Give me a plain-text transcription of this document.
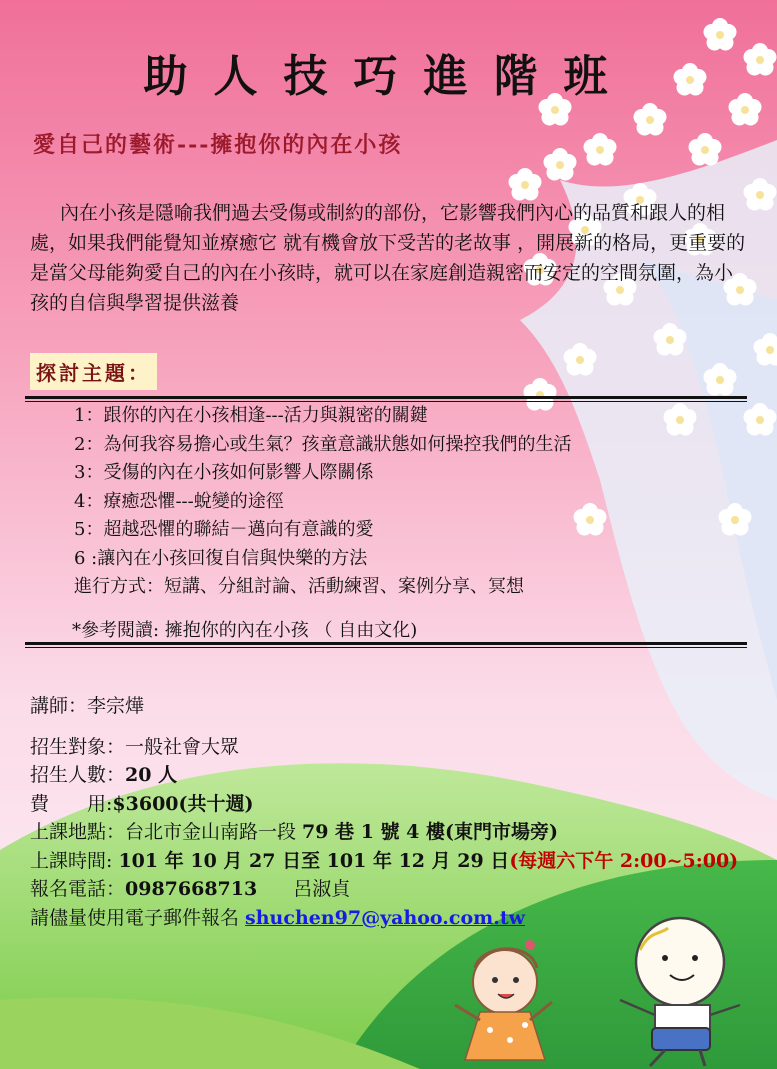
助人技巧進階班
愛自己的藝術---擁抱你的內在小孩
內在小孩是隱喻我們過去受傷或制約的部份，它影響我們內心的品質和跟人的相處，如果我們能覺知並療癒它 就有機會放下受苦的老故事 ，開展新的格局，更重要的是當父母能夠愛自己的內在小孩時，就可以在家庭創造親密而安定的空間氛圍，為小孩的自信與學習提供滋養
探討主題：
1：跟你的內在小孩相逢---活力與親密的關鍵
2：為何我容易擔心或生氣？孩童意識狀態如何操控我們的生活
3：受傷的內在小孩如何影響人際關係
4：療癒恐懼---蛻變的途徑
5：超越恐懼的聯結－邁向有意識的愛
6 :讓內在小孩回復自信與快樂的方法
進行方式：短講、分組討論、活動練習、案例分享、冥想
*參考閱讀: 擁抱你的內在小孩 （ 自由文化)
講師：李宗燁
招生對象：一般社會大眾
招生人數：20 人
費　　用:$3600(共十週)
上課地點：台北市金山南路一段 79 巷 1 號 4 樓(東門市場旁)
上課時間: 101 年 10 月 27 日至 101 年 12 月 29 日(每週六下午 2:00~5:00)
報名電話：0987668713 呂淑貞
請儘量使用電子郵件報名 shuchen97@yahoo.com.tw
